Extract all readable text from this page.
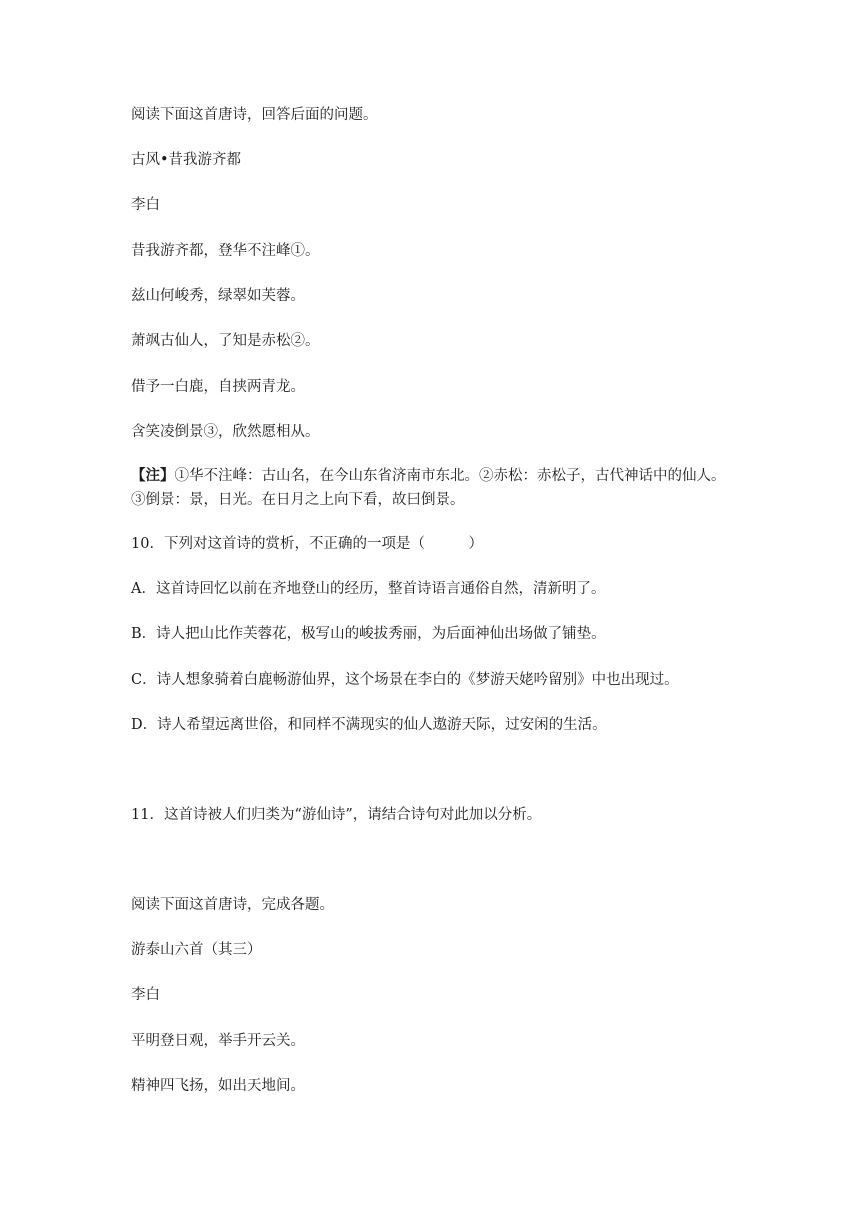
阅读下面这首唐诗，回答后面的问题。

古风•昔我游齐都

李白

昔我游齐都，登华不注峰①。

兹山何峻秀，绿翠如芙蓉。

萧飒古仙人，了知是赤松②。

借予一白鹿，自挟两青龙。

含笑凌倒景③，欣然愿相从。

【注】①华不注峰：古山名，在今山东省济南市东北。②赤松：赤松子，古代神话中的仙人。③倒景：景，日光。在日月之上向下看，故曰倒景。

10．下列对这首诗的赏析，不正确的一项是（　　　）

A．这首诗回忆以前在齐地登山的经历，整首诗语言通俗自然，清新明了。

B．诗人把山比作芙蓉花，极写山的峻拔秀丽，为后面神仙出场做了铺垫。

C．诗人想象骑着白鹿畅游仙界，这个场景在李白的《梦游天姥吟留别》中也出现过。

D．诗人希望远离世俗，和同样不满现实的仙人遨游天际，过安闲的生活。

11．这首诗被人们归类为“游仙诗”，请结合诗句对此加以分析。

阅读下面这首唐诗，完成各题。

游泰山六首（其三）

李白

平明登日观，举手开云关。

精神四飞扬，如出天地间。
